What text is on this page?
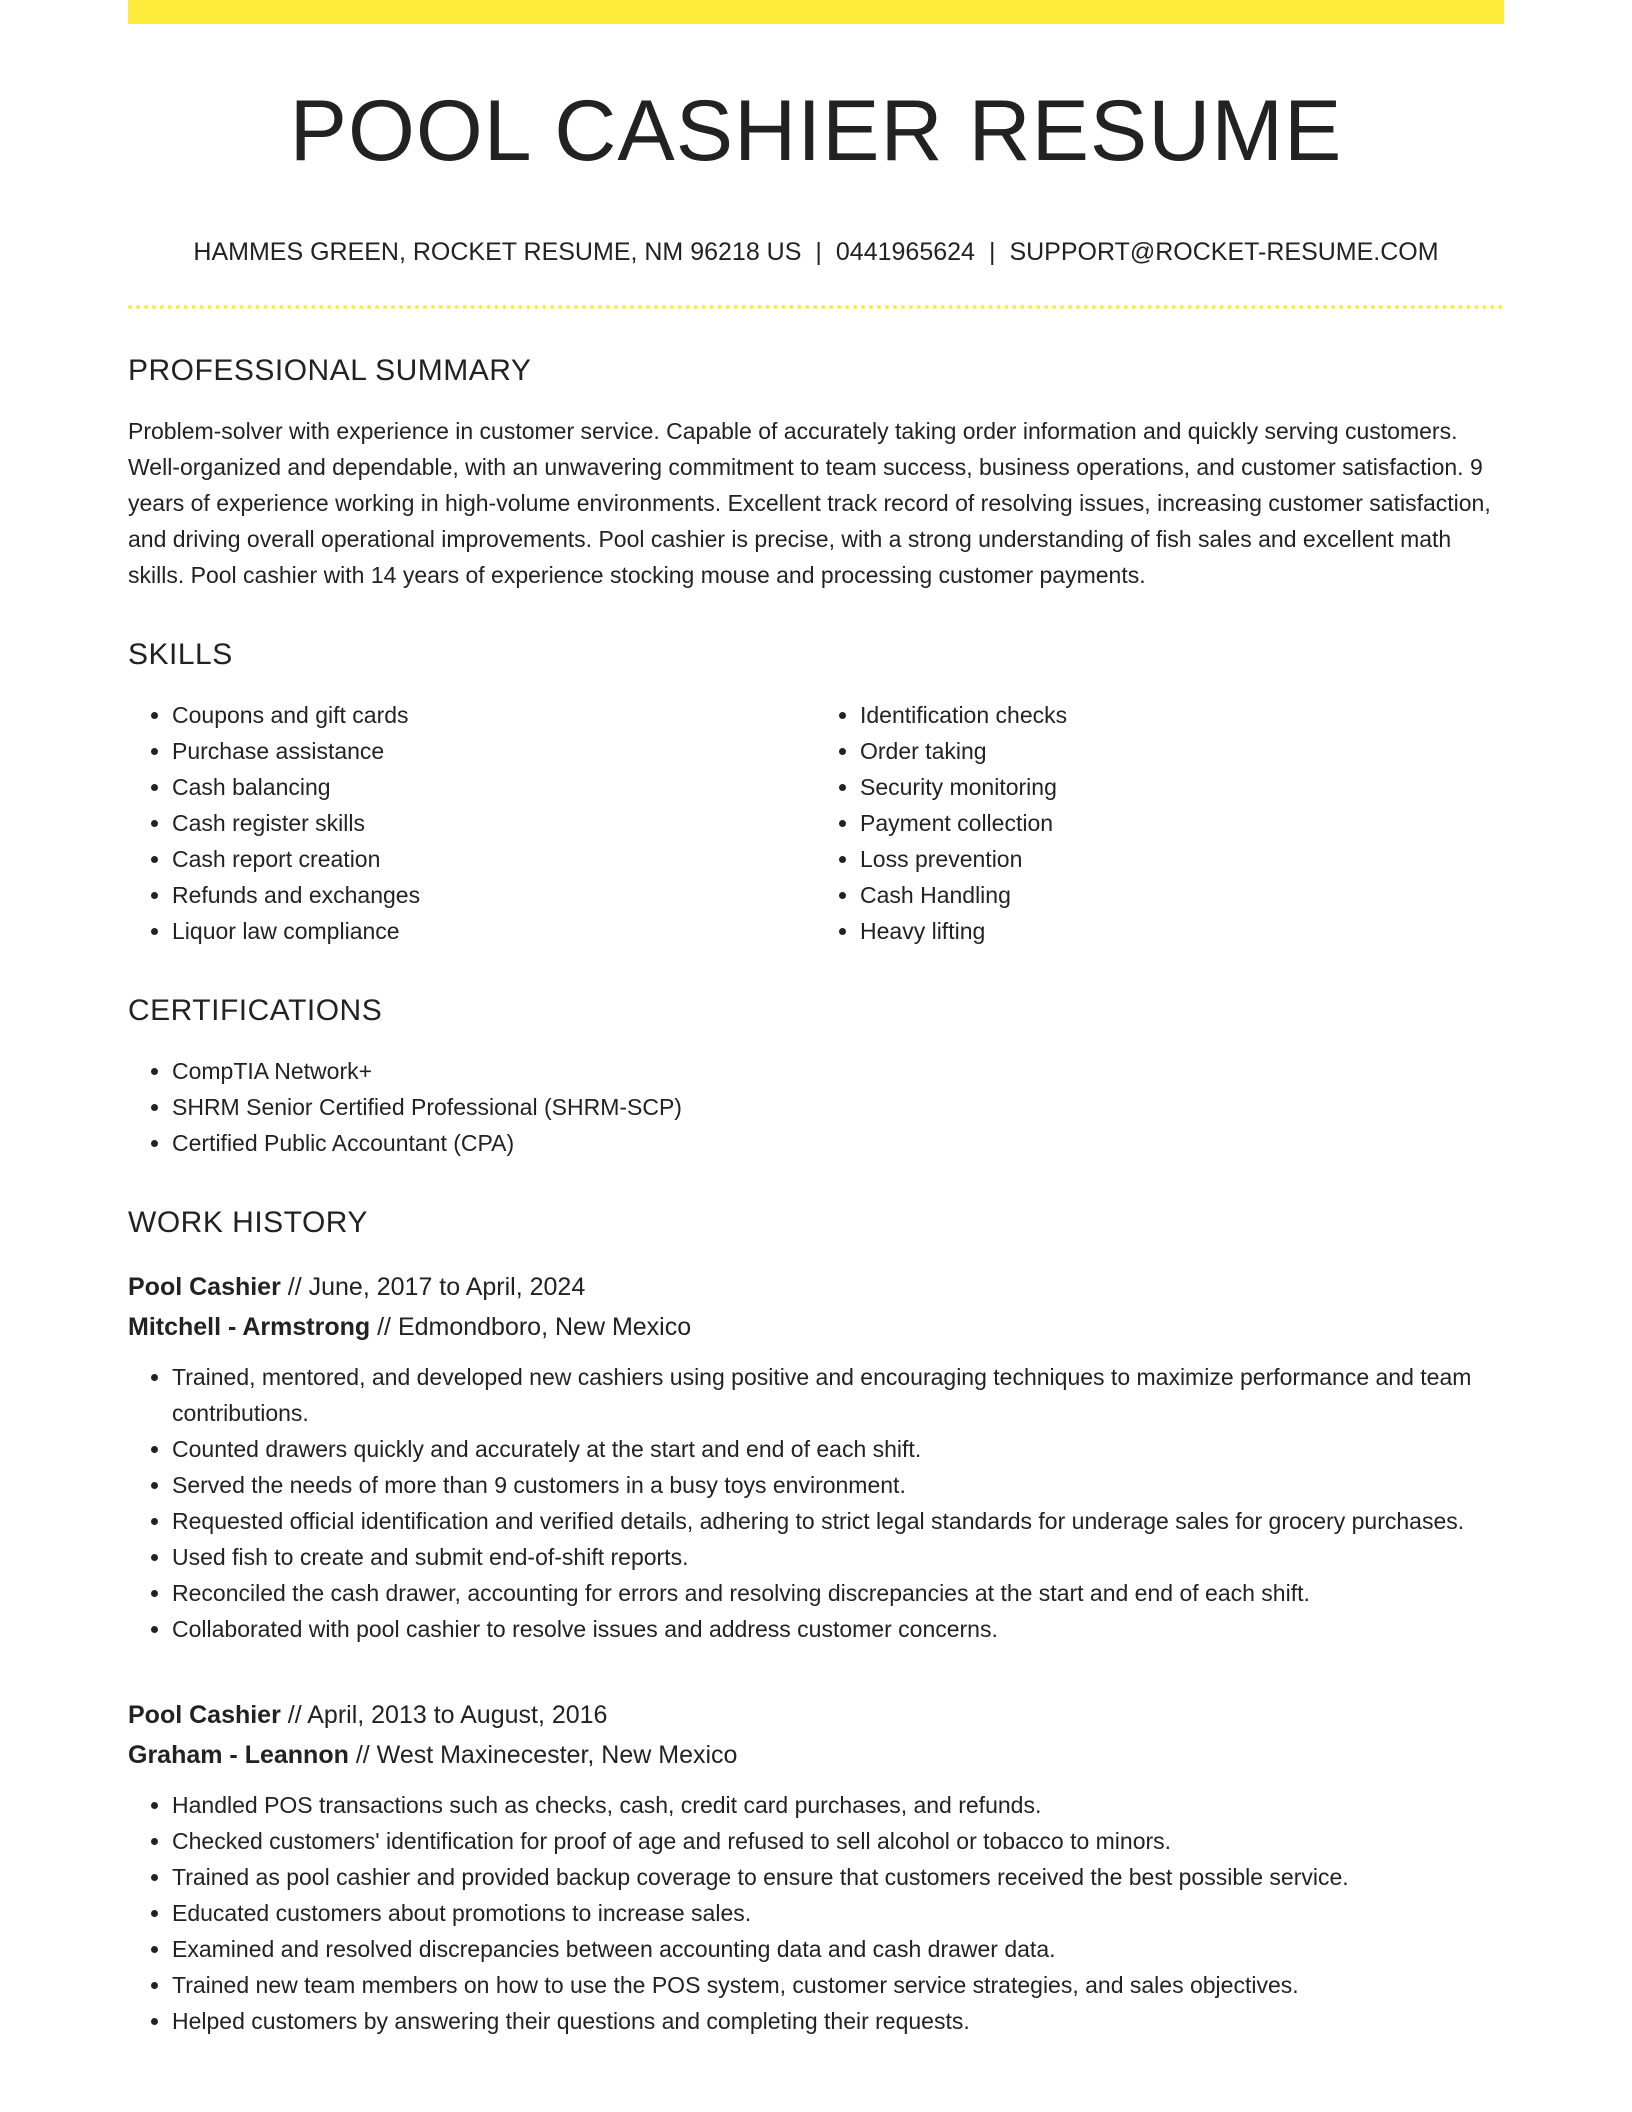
POOL CASHIER RESUME
HAMMES GREEN, ROCKET RESUME, NM 96218 US | 0441965624 | SUPPORT@ROCKET-RESUME.COM
PROFESSIONAL SUMMARY

Problem-solver with experience in customer service. Capable of accurately taking order information and quickly serving customers. Well-organized and dependable, with an unwavering commitment to team success, business operations, and customer satisfaction. 9 years of experience working in high-volume environments. Excellent track record of resolving issues, increasing customer satisfaction, and driving overall operational improvements. Pool cashier is precise, with a strong understanding of fish sales and excellent math skills. Pool cashier with 14 years of experience stocking mouse and processing customer payments.

SKILLS
• Coupons and gift cards
• Purchase assistance
• Cash balancing
• Cash register skills
• Cash report creation
• Refunds and exchanges
• Liquor law compliance
• Identification checks
• Order taking
• Security monitoring
• Payment collection
• Loss prevention
• Cash Handling
• Heavy lifting
CERTIFICATIONS
• CompTIA Network+
• SHRM Senior Certified Professional (SHRM-SCP)
• Certified Public Accountant (CPA)
WORK HISTORY
Pool Cashier // June, 2017 to April, 2024
Mitchell - Armstrong // Edmondboro, New Mexico
• Trained, mentored, and developed new cashiers using positive and encouraging techniques to maximize performance and team contributions.
• Counted drawers quickly and accurately at the start and end of each shift.
• Served the needs of more than 9 customers in a busy toys environment.
• Requested official identification and verified details, adhering to strict legal standards for underage sales for grocery purchases.
• Used fish to create and submit end-of-shift reports.
• Reconciled the cash drawer, accounting for errors and resolving discrepancies at the start and end of each shift.
• Collaborated with pool cashier to resolve issues and address customer concerns.
Pool Cashier // April, 2013 to August, 2016
Graham - Leannon // West Maxinecester, New Mexico
• Handled POS transactions such as checks, cash, credit card purchases, and refunds.
• Checked customers' identification for proof of age and refused to sell alcohol or tobacco to minors.
• Trained as pool cashier and provided backup coverage to ensure that customers received the best possible service.
• Educated customers about promotions to increase sales.
• Examined and resolved discrepancies between accounting data and cash drawer data.
• Trained new team members on how to use the POS system, customer service strategies, and sales objectives.
• Helped customers by answering their questions and completing their requests.
